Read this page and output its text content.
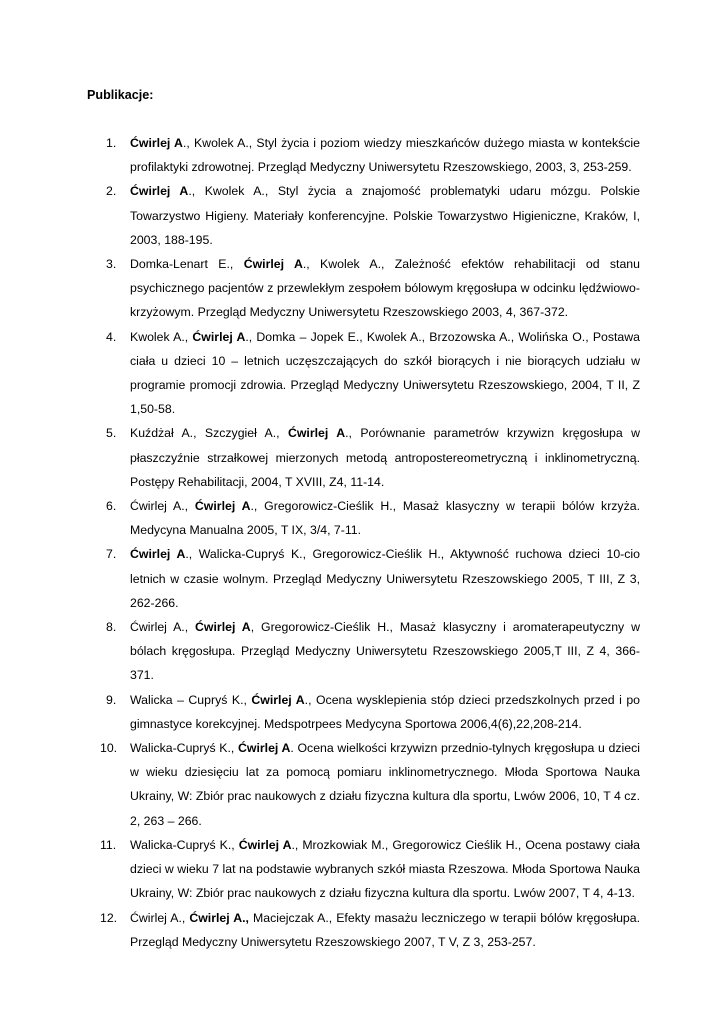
Publikacje:

1.	Ćwirlej A., Kwolek A., Styl życia i poziom wiedzy mieszkańców dużego miasta w kontekście profilaktyki zdrowotnej. Przegląd Medyczny Uniwersytetu Rzeszowskiego, 2003, 3, 253-259.
2.	Ćwirlej A., Kwolek A., Styl życia a znajomość problematyki udaru mózgu. Polskie Towarzystwo Higieny. Materiały konferencyjne. Polskie Towarzystwo Higieniczne, Kraków, I, 2003, 188-195.
3.	Domka-Lenart E., Ćwirlej A., Kwolek A., Zależność efektów rehabilitacji od stanu psychicznego pacjentów z przewlekłym zespołem bólowym kręgosłupa w odcinku lędźwiowo-krzyżowym. Przegląd Medyczny Uniwersytetu Rzeszowskiego 2003, 4, 367-372.
4.	Kwolek A., Ćwirlej A., Domka – Jopek E., Kwolek A., Brzozowska A., Wolińska O., Postawa ciała u dzieci 10 – letnich uczęszczających do szkół biorących i nie biorących udziału w programie promocji zdrowia. Przegląd Medyczny Uniwersytetu Rzeszowskiego, 2004, T II, Z 1,50-58.
5.	Kuźdżał A., Szczygieł A., Ćwirlej A., Porównanie parametrów krzywizn kręgosłupa w płaszczyźnie strzałkowej mierzonych metodą antropostereometryczną i inklinometryczną. Postępy Rehabilitacji, 2004, T XVIII, Z4, 11-14.
6.	Ćwirlej A., Ćwirlej A., Gregorowicz-Cieślik H., Masaż klasyczny w terapii bólów krzyża. Medycyna Manualna 2005, T IX, 3/4, 7-11.
7.	Ćwirlej A., Walicka-Cupryś K., Gregorowicz-Cieślik H., Aktywność ruchowa dzieci 10-cio letnich w czasie wolnym. Przegląd Medyczny Uniwersytetu Rzeszowskiego 2005, T III, Z 3, 262-266.
8.	Ćwirlej A., Ćwirlej A, Gregorowicz-Cieślik H., Masaż klasyczny i aromaterapeutyczny w bólach kręgosłupa. Przegląd Medyczny Uniwersytetu Rzeszowskiego 2005,T III, Z 4, 366-371.
9.	Walicka – Cupryś K., Ćwirlej A., Ocena wysklepienia stóp dzieci przedszkolnych przed i po gimnastyce korekcyjnej. Medspotrpees Medycyna Sportowa 2006,4(6),22,208-214.
10.	Walicka-Cupryś K., Ćwirlej A. Ocena wielkości krzywizn przednio-tylnych kręgosłupa u dzieci w wieku dziesięciu lat za pomocą pomiaru inklinometrycznego. Młoda Sportowa Nauka Ukrainy, W: Zbiór prac naukowych z działu fizyczna kultura dla sportu, Lwów 2006, 10, T 4 cz. 2, 263 – 266.
11.	Walicka-Cupryś K., Ćwirlej A., Mrozkowiak M., Gregorowicz Cieślik H., Ocena postawy ciała dzieci w wieku 7 lat na podstawie wybranych szkół miasta Rzeszowa. Młoda Sportowa Nauka Ukrainy, W: Zbiór prac naukowych z działu fizyczna kultura dla sportu. Lwów 2007, T 4, 4-13.
12.	Ćwirlej A., Ćwirlej A., Maciejczak A., Efekty masażu leczniczego w terapii bólów kręgosłupa. Przegląd Medyczny Uniwersytetu Rzeszowskiego 2007, T V, Z 3, 253-257.
